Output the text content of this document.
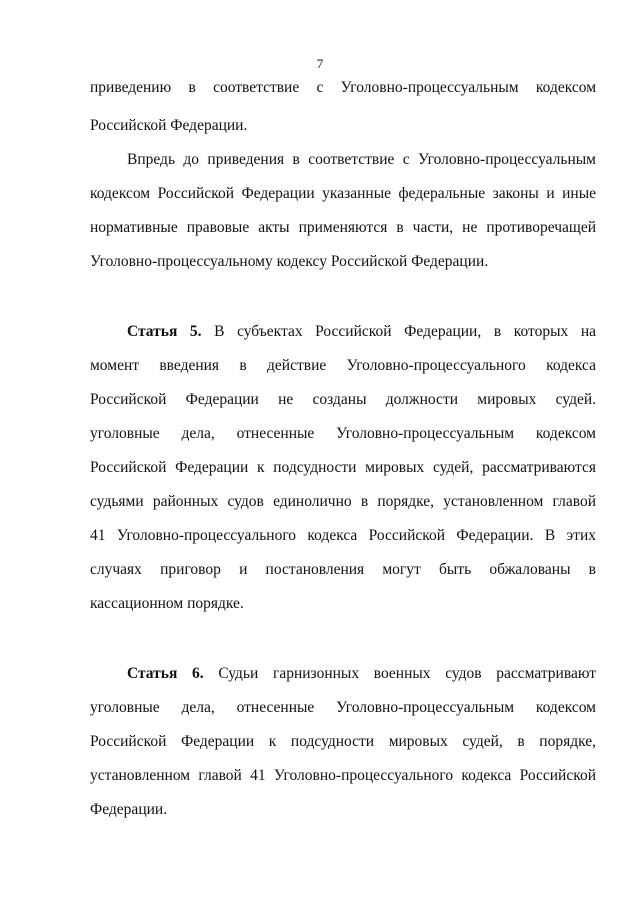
7
приведению в соответствие с Уголовно-процессуальным кодексом
Российской Федерации.
Впредь до приведения в соответствие с Уголовно-процессуальным
кодексом Российской Федерации указанные федеральные законы и иные
нормативные правовые акты применяются в части, не противоречащей
Уголовно-процессуальному кодексу Российской Федерации.
Статья 5. В субъектах Российской Федерации, в которых на
момент введения в действие Уголовно-процессуального кодекса
Российской Федерации не созданы должности мировых судей.
уголовные дела, отнесенные Уголовно-процессуальным кодексом
Российской Федерации к подсудности мировых судей, рассматриваются
судьями районных судов единолично в порядке, установленном главой
41 Уголовно-процессуального кодекса Российской Федерации. В этих
случаях приговор и постановления могут быть обжалованы в
кассационном порядке.
Статья 6. Судьи гарнизонных военных судов рассматривают
уголовные дела, отнесенные Уголовно-процессуальным кодексом
Российской Федерации к подсудности мировых судей, в порядке,
установленном главой 41 Уголовно-процессуального кодекса Российской
Федерации.
